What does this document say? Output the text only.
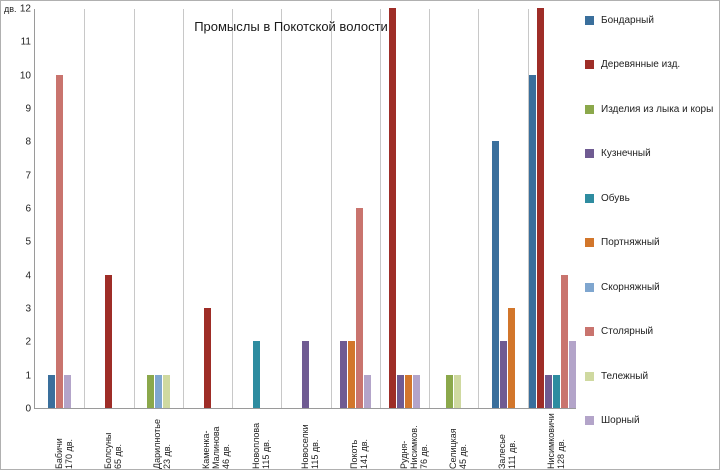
дв.
0
1
2
3
4
5
6
7
8
9
10
11
12
Промыслы в Покотской волости
Бабичи
170 дв.	Болсуны
65 дв.	Дарилнотье
23 дв.	Каменка-
Малинова
46 дв. Новоплова
115 дв.	Новоселки
115 дв.	Покоть
141 дв.	Рудня-
Нисимков.
76 дв. Селицкая
45 дв.	Залесье
111 дв.	Нисимковичи
128 дв.
Бондарный
Деревянные изд.
Изделия из лыка и коры
Кузнечный
Обувь
Портняжный
Скорняжный
Столярный
Тележный
Шорный
